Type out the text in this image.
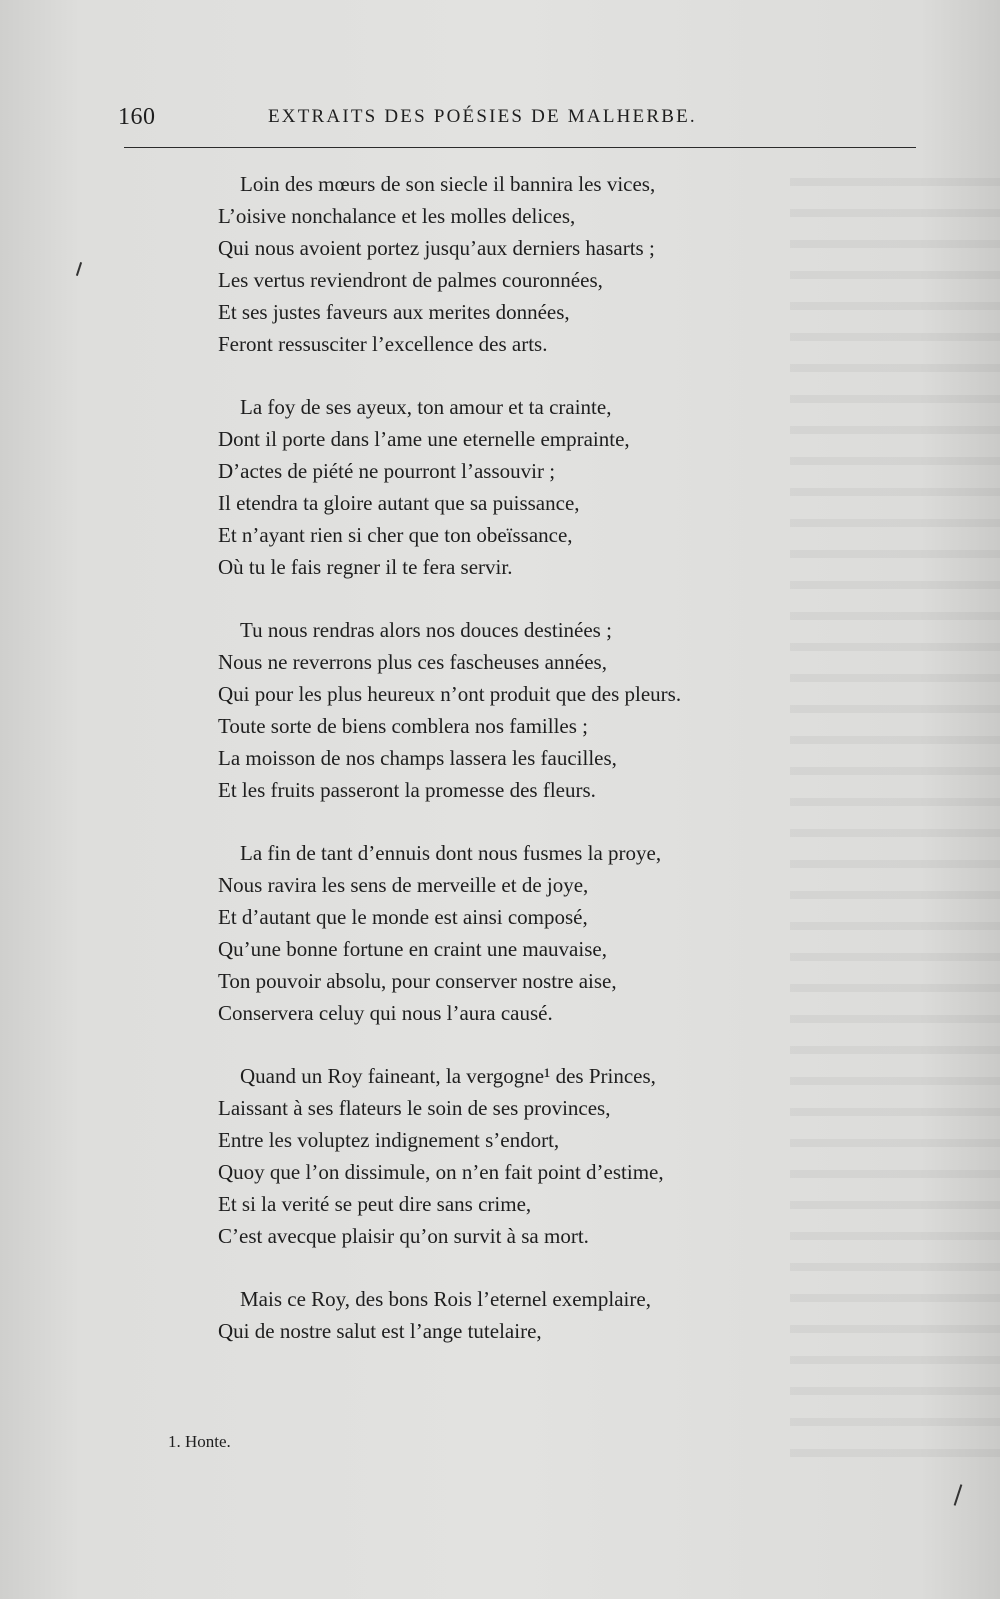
160	EXTRAITS DES POÉSIES DE MALHERBE.
Loin des mœurs de son siecle il bannira les vices,
L’oisive nonchalance et les molles delices,
Qui nous avoient portez jusqu’aux derniers hasarts ;
Les vertus reviendront de palmes couronnées,
Et ses justes faveurs aux merites données,
Feront ressusciter l’excellence des arts.
La foy de ses ayeux, ton amour et ta crainte,
Dont il porte dans l’ame une eternelle emprainte,
D’actes de piété ne pourront l’assouvir ;
Il etendra ta gloire autant que sa puissance,
Et n’ayant rien si cher que ton obeïssance,
Où tu le fais regner il te fera servir.
Tu nous rendras alors nos douces destinées ;
Nous ne reverrons plus ces fascheuses années,
Qui pour les plus heureux n’ont produit que des pleurs.
Toute sorte de biens comblera nos familles ;
La moisson de nos champs lassera les faucilles,
Et les fruits passeront la promesse des fleurs.
La fin de tant d’ennuis dont nous fusmes la proye,
Nous ravira les sens de merveille et de joye,
Et d’autant que le monde est ainsi composé,
Qu’une bonne fortune en craint une mauvaise,
Ton pouvoir absolu, pour conserver nostre aise,
Conservera celuy qui nous l’aura causé.
Quand un Roy faineant, la vergogne¹ des Princes,
Laissant à ses flateurs le soin de ses provinces,
Entre les voluptez indignement s’endort,
Quoy que l’on dissimule, on n’en fait point d’estime,
Et si la verité se peut dire sans crime,
C’est avecque plaisir qu’on survit à sa mort.
Mais ce Roy, des bons Rois l’eternel exemplaire,
Qui de nostre salut est l’ange tutelaire,
1. Honte.
